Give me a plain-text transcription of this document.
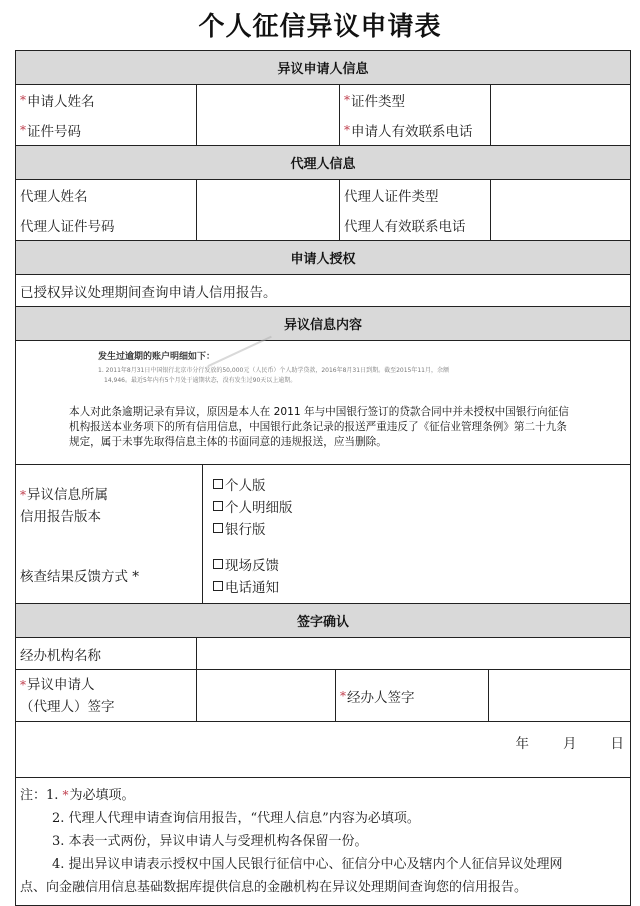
个人征信异议申请表
异议申请人信息
* 申请人姓名
* 证件号码
* 证件类型
* 申请人有效联系电话
代理人信息
代理人姓名
代理人证件号码
代理人证件类型
代理人有效联系电话
申请人授权
已授权异议处理期间查询申请人信用报告。
异议信息内容
发生过逾期的账户明细如下：
1. 2011年8月31日中国银行北京市分行发放的50,000元（人民币）个人助学贷款，2016年8月31日到期。截至2015年11月，余额
14,946。最近5年内有5个月处于逾期状态，没有发生过90天以上逾期。
本人对此条逾期记录有异议，原因是本人在 2011 年与中国银行签订的贷款合同中并未授权中国银行向征信机构报送本业务项下的所有信用信息，中国银行此条记录的报送严重违反了《征信业管理条例》第二十九条规定，属于未事先取得信息主体的书面同意的违规报送，应当删除。
*异议信息所属
信用报告版本
核查结果反馈方式 *
个人版
个人明细版
银行版
现场反馈
电话通知
签字确认
经办机构名称
*异议申请人
（代理人）签字
* 经办人签字
年	月	日
注：1. *为必填项。
2. 代理人代理申请查询信用报告，“代理人信息”内容为必填项。
3. 本表一式两份，异议申请人与受理机构各保留一份。
4. 提出异议申请表示授权中国人民银行征信中心、征信分中心及辖内个人征信异议处理网
点、向金融信用信息基础数据库提供信息的金融机构在异议处理期间查询您的信用报告。
